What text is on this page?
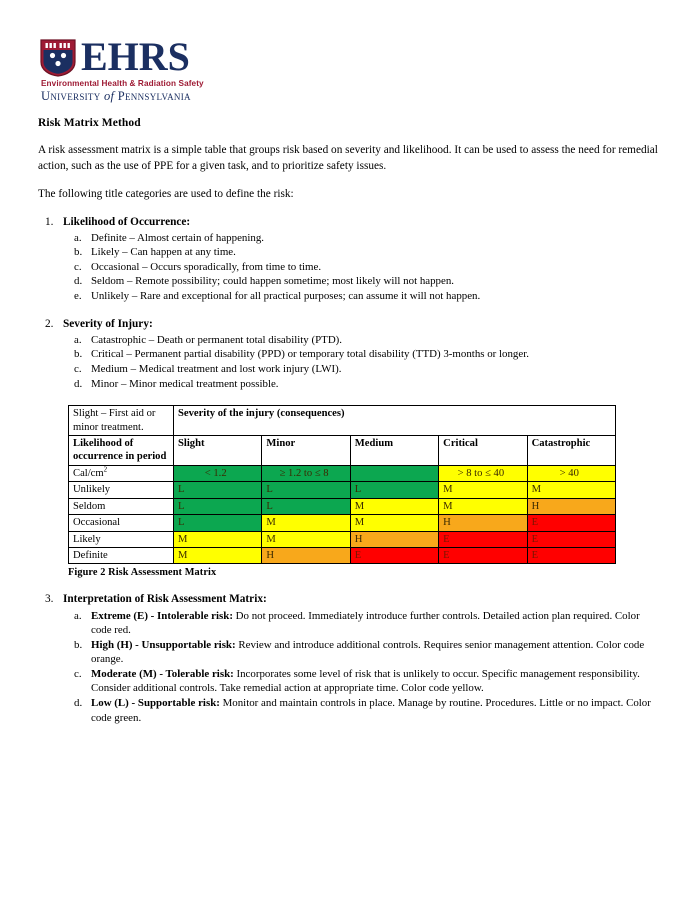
EHRS
Environmental Health & Radiation Safety
University of Pennsylvania
Risk Matrix Method

A risk assessment matrix is a simple table that groups risk based on severity and likelihood. It can be used to assess the need for remedial action, such as the use of PPE for a given task, and to prioritize safety issues.

The following title categories are used to define the risk:

Likelihood of Occurrence:
Definite – Almost certain of happening.
Likely – Can happen at any time.
Occasional – Occurs sporadically, from time to time.
Seldom – Remote possibility; could happen sometime; most likely will not happen.
Unlikely – Rare and exceptional for all practical purposes; can assume it will not happen.
Severity of Injury:
Catastrophic – Death or permanent total disability (PTD).
Critical – Permanent partial disability (PPD) or temporary total disability (TTD) 3-months or longer.
Medium – Medical treatment and lost work injury (LWI).
Minor – Minor medical treatment possible.
Slight – First aid or minor treatment.	Severity of the injury (consequences)				
Likelihood of occurrence in period	Slight	Minor	Medium	Critical	Catastrophic
Cal/$cm^2$	< 1.2	≥ 1.2 to ≤ 8		> 8 to ≤ 40	> 40
Unlikely	L	L	L	M	M
Seldom	L	L	M	M	H
Occasional	L	M	M	H	E
Likely	M	M	H	E	E
Definite	M	H	E	E	E
Figure 2 Risk Assessment Matrix
Interpretation of Risk Assessment Matrix:
Extreme (E) - Intolerable risk: Do not proceed. Immediately introduce further controls. Detailed action plan required. Color code red.
High (H) - Unsupportable risk: Review and introduce additional controls. Requires senior management attention. Color code orange.
Moderate (M) - Tolerable risk: Incorporates some level of risk that is unlikely to occur. Specific management responsibility. Consider additional controls. Take remedial action at appropriate time. Color code yellow.
Low (L) - Supportable risk: Monitor and maintain controls in place. Manage by routine. Procedures. Little or no impact. Color code green.
